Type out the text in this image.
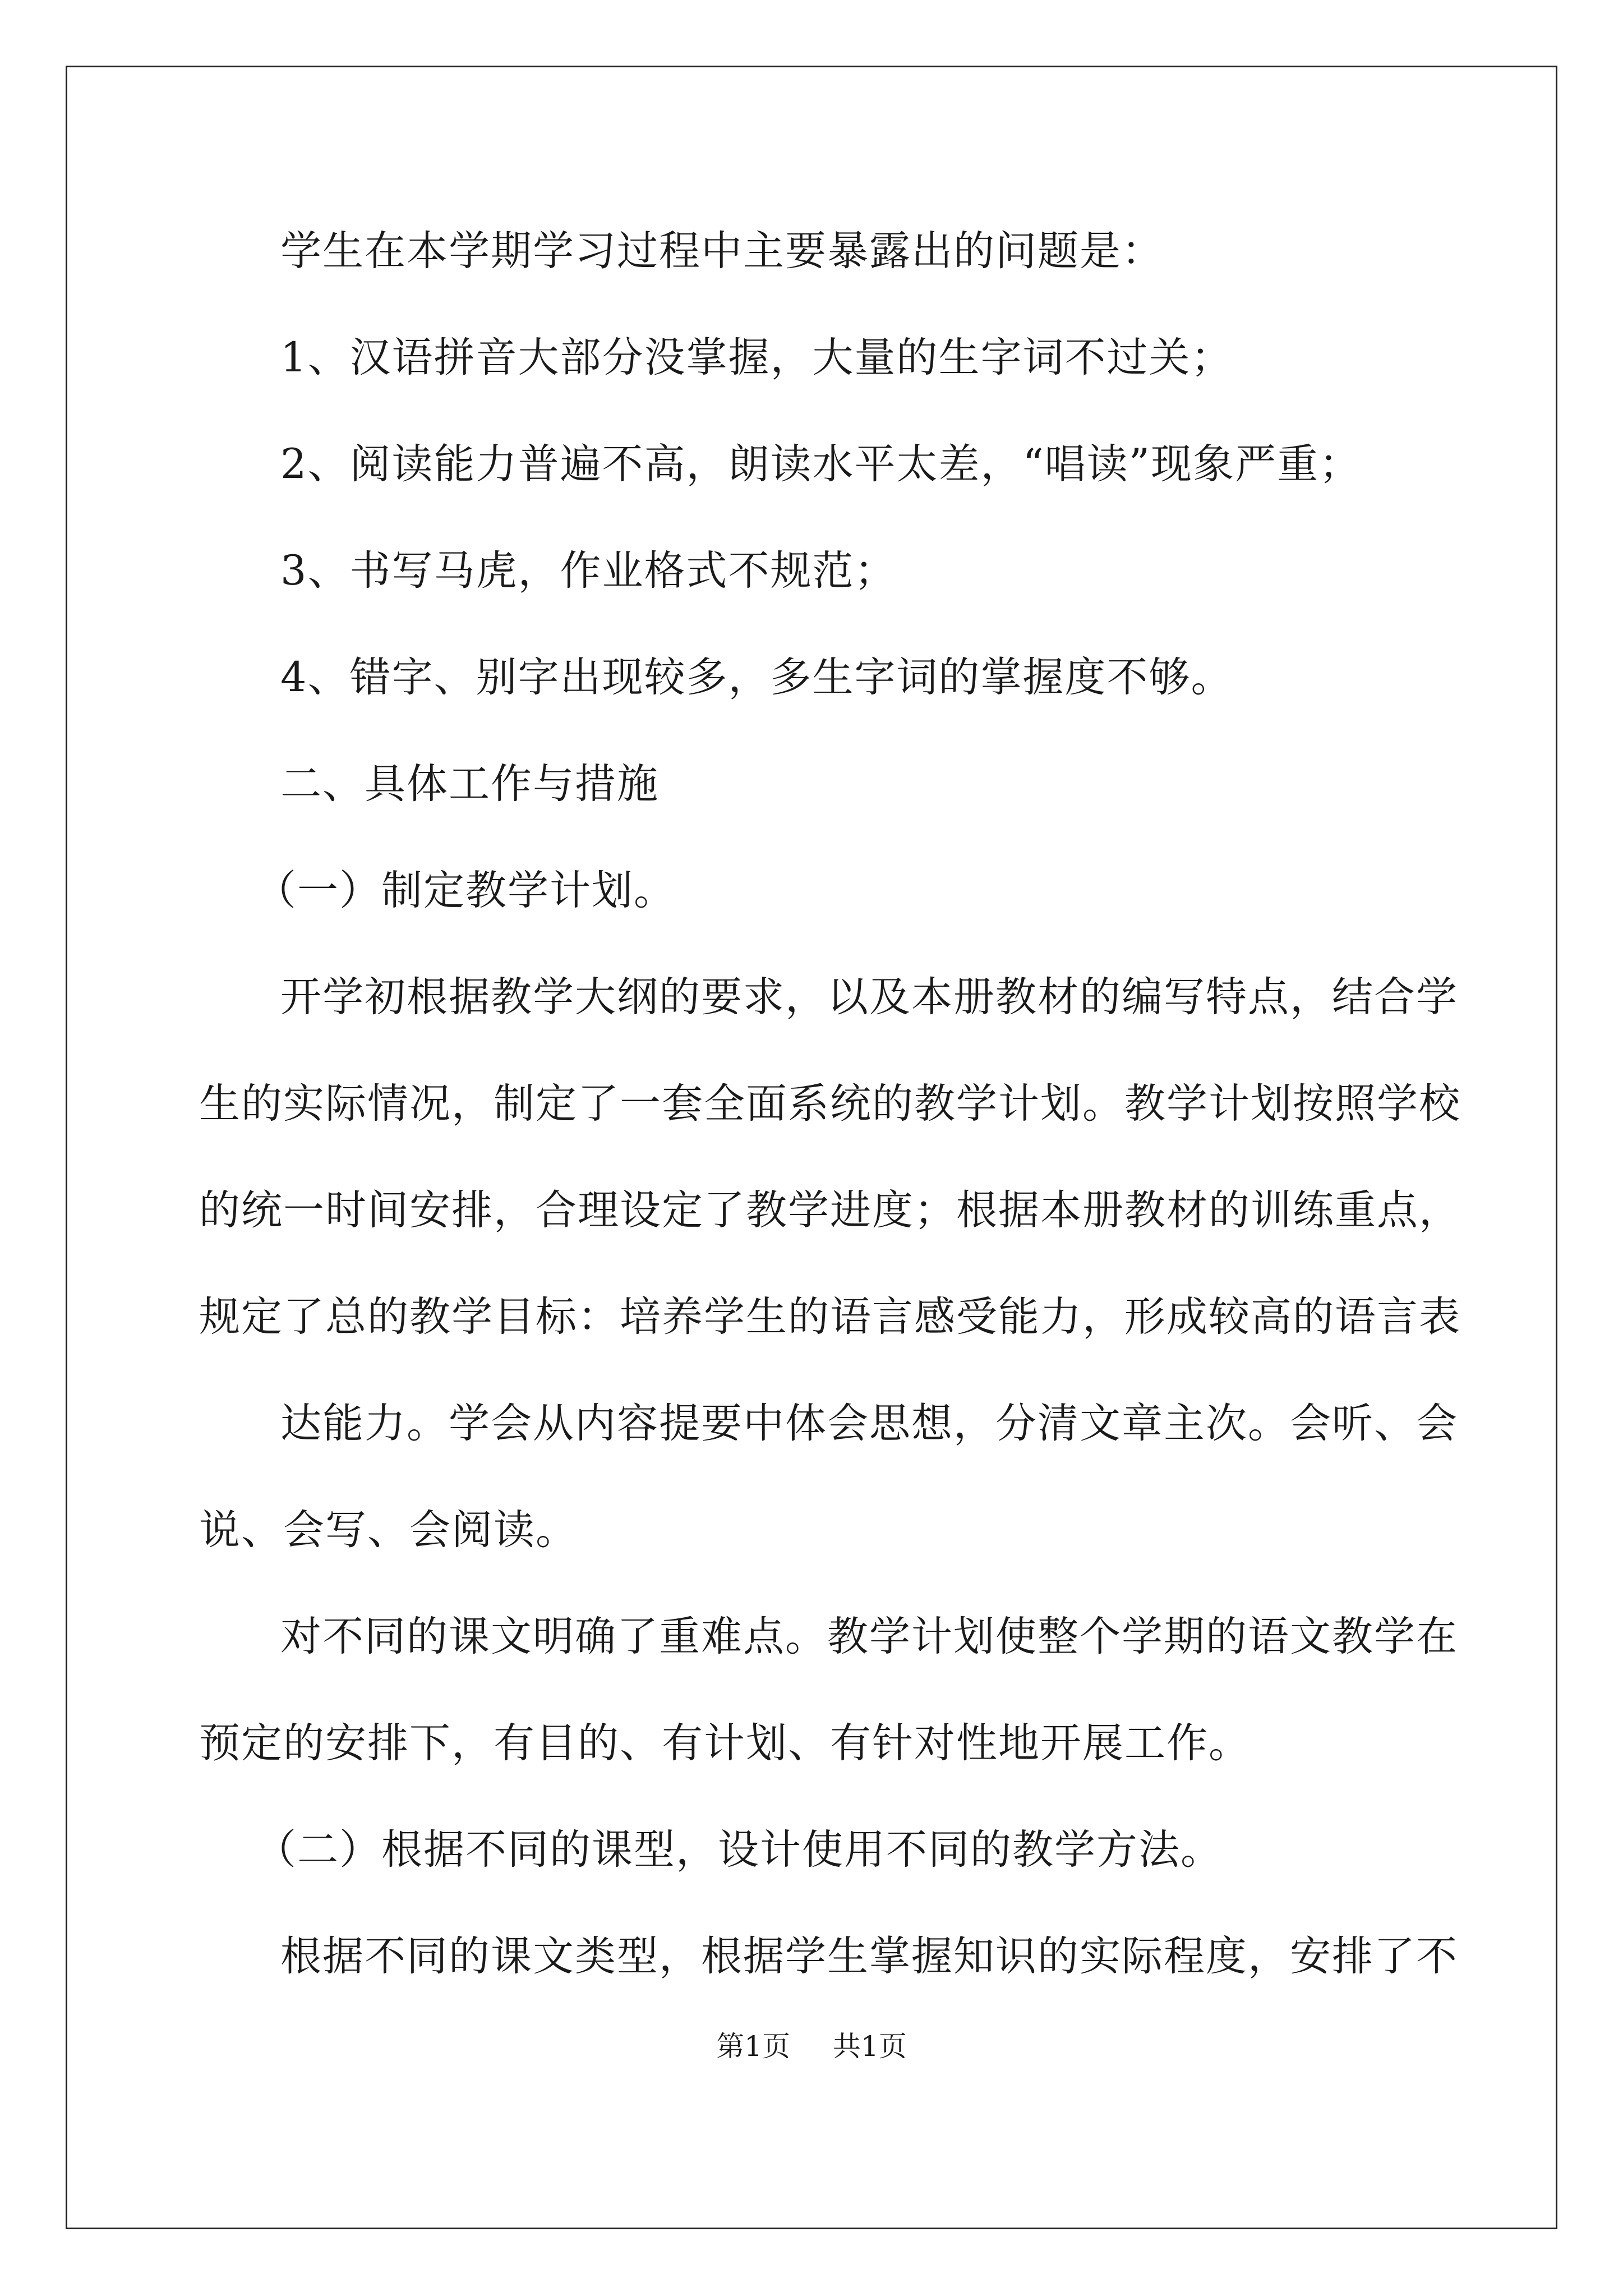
学生在本学期学习过程中主要暴露出的问题是：
1、汉语拼音大部分没掌握，大量的生字词不过关；
2、阅读能力普遍不高，朗读水平太差，“唱读”现象严重；
3、书写马虎，作业格式不规范；
4、错字、别字出现较多，多生字词的掌握度不够。
二、具体工作与措施
（一）制定教学计划。
开学初根据教学大纲的要求，以及本册教材的编写特点，结合学
生的实际情况，制定了一套全面系统的教学计划。教学计划按照学校
的统一时间安排，合理设定了教学进度；根据本册教材的训练重点，
规定了总的教学目标：培养学生的语言感受能力，形成较高的语言表
达能力。学会从内容提要中体会思想，分清文章主次。会听、会
说、会写、会阅读。
对不同的课文明确了重难点。教学计划使整个学期的语文教学在
预定的安排下，有目的、有计划、有针对性地开展工作。
（二）根据不同的课型，设计使用不同的教学方法。
根据不同的课文类型，根据学生掌握知识的实际程度，安排了不
第1页 共1页
